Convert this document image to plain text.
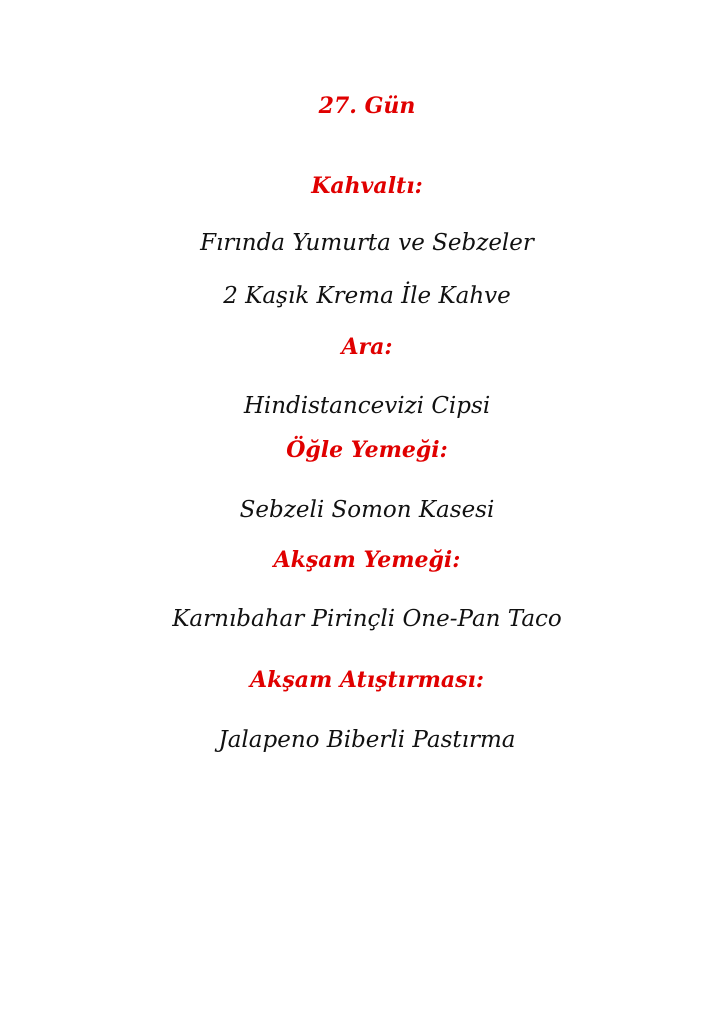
27. Gün
Kahvaltı:
Fırında Yumurta ve Sebzeler
2 Kaşık Krema İle Kahve
Ara:
Hindistancevizi Cipsi
Öğle Yemeği:
Sebzeli Somon Kasesi
Akşam Yemeği:
Karnıbahar Pirinçli One-Pan Taco
Akşam Atıştırması:
Jalapeno Biberli Pastırma
